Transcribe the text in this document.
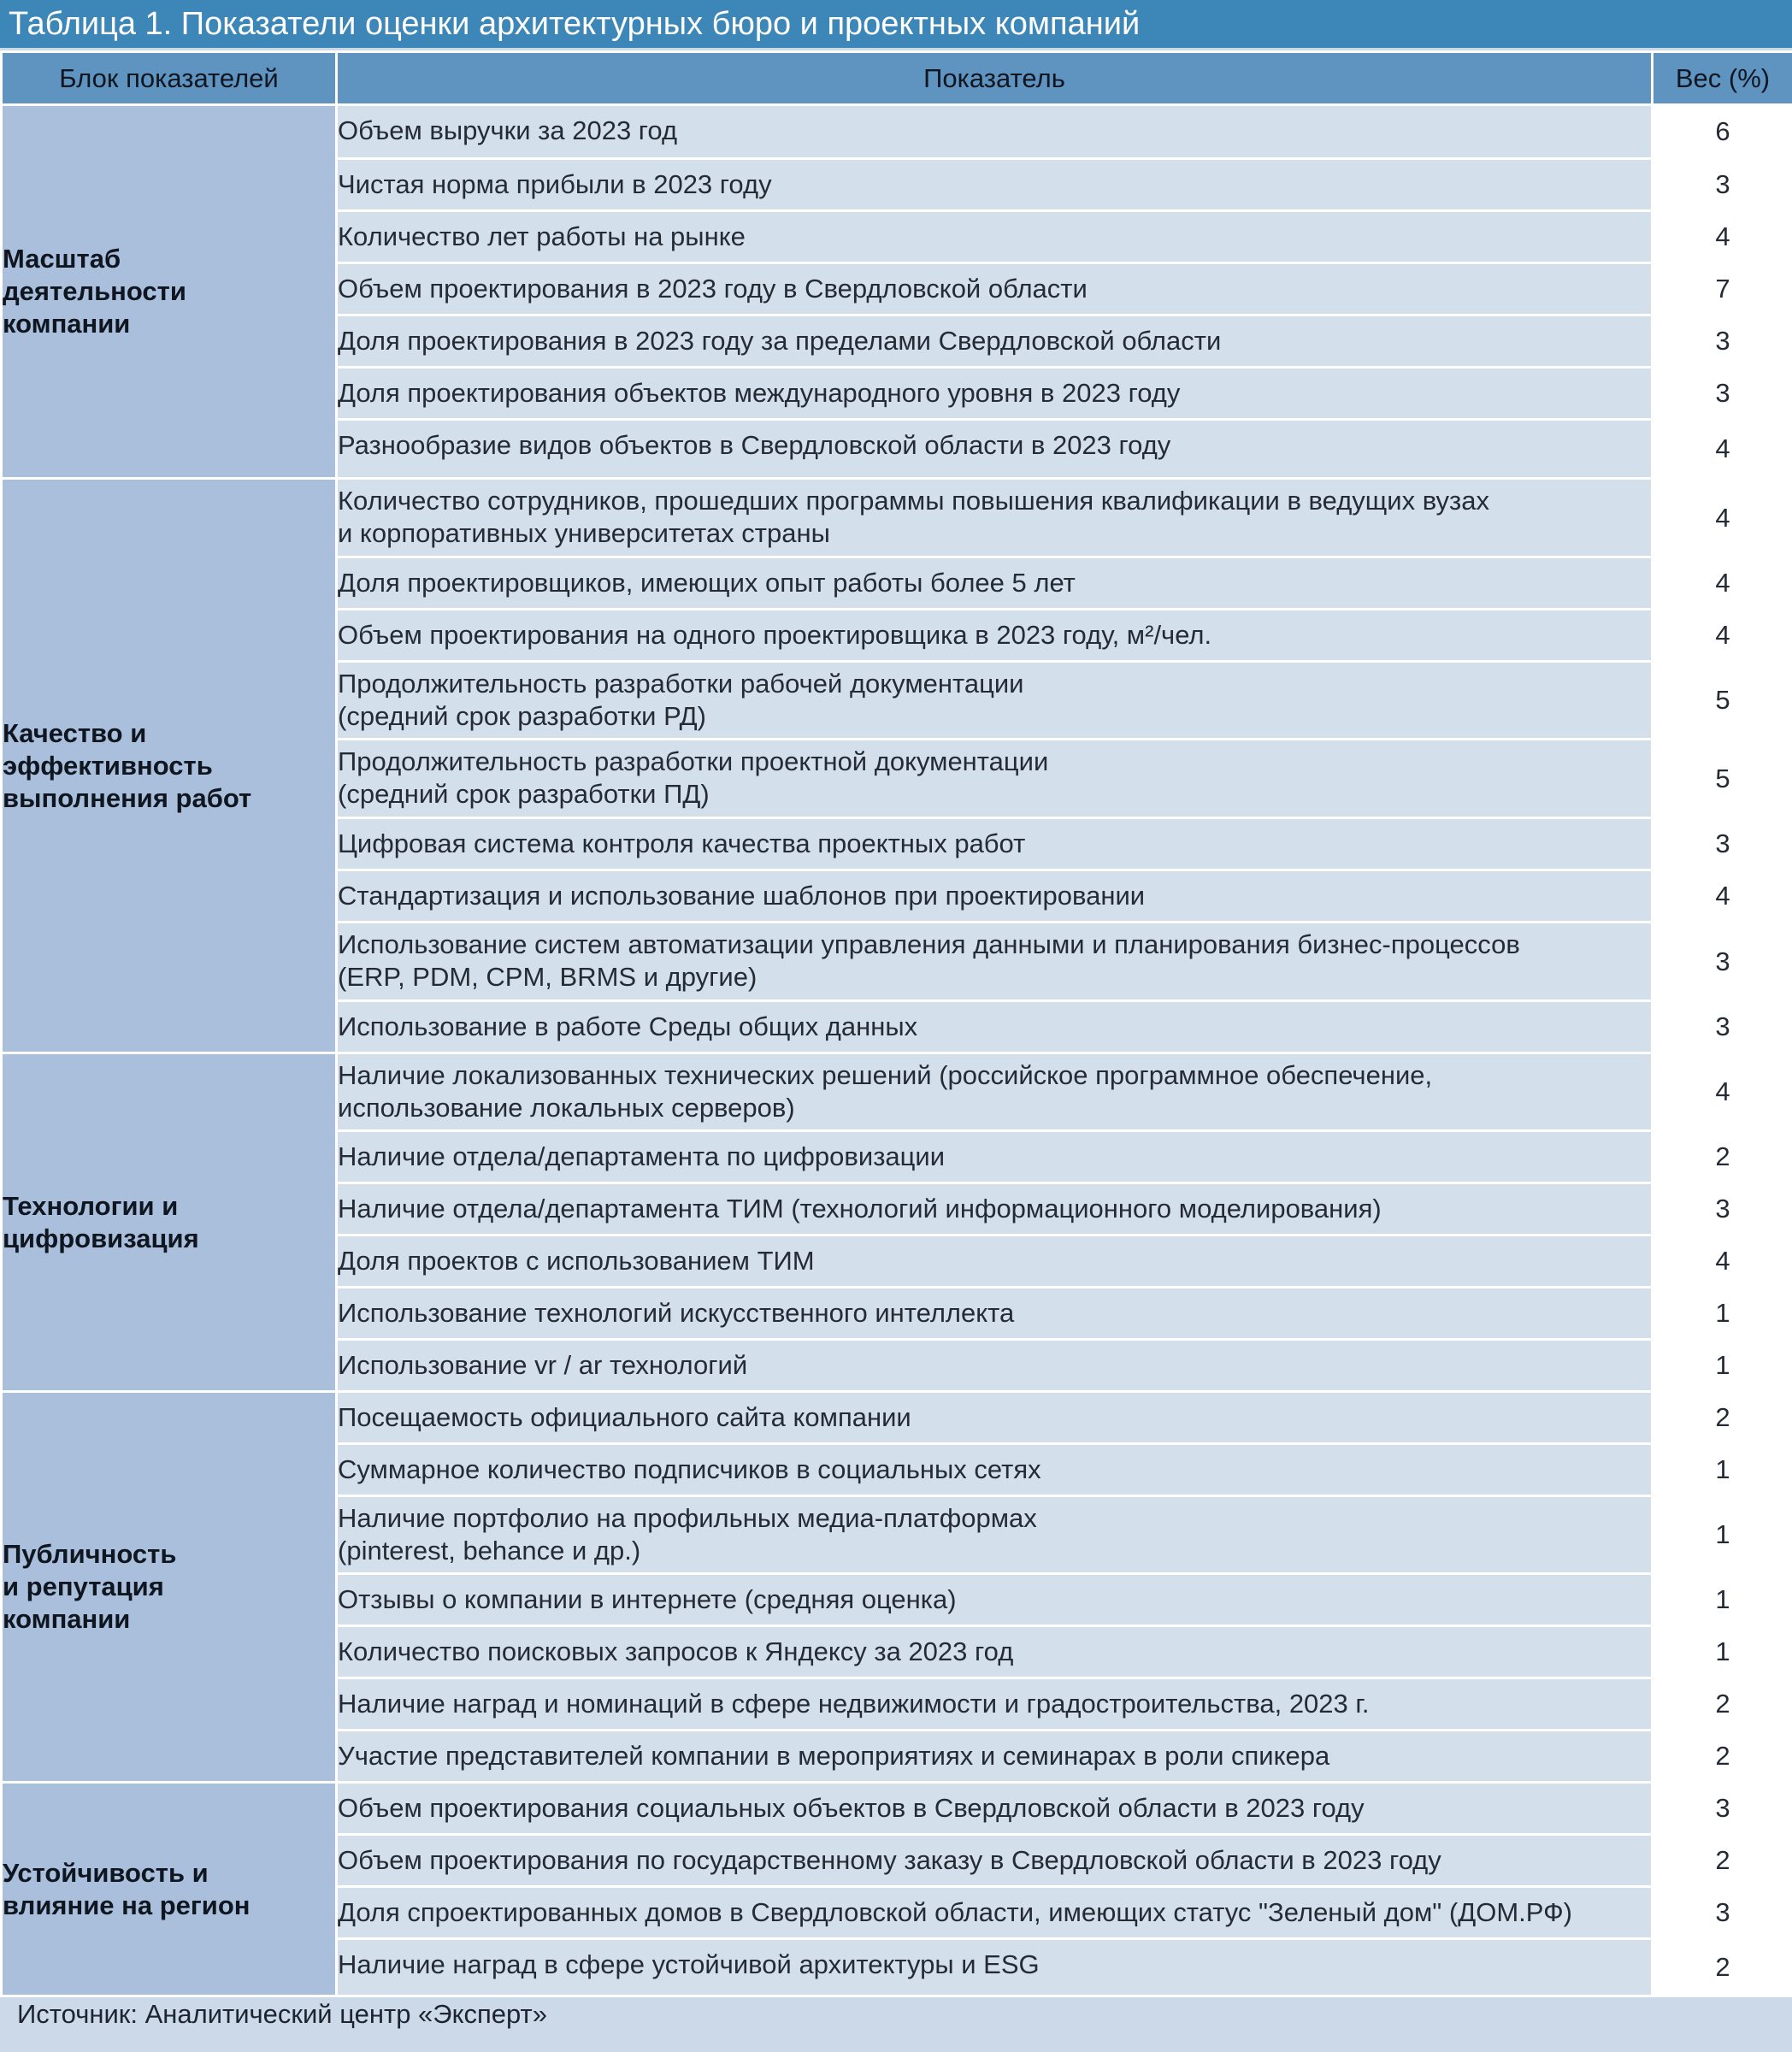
Таблица 1. Показатели оценки архитектурных бюро и проектных компаний
Блок показателей	Показатель	Вес (%)

Масштаб
деятельности
компании	Объем выручки за 2023 год	6

	Чистая норма прибыли в 2023 году	3

	Количество лет работы на рынке	4

	Объем проектирования в 2023 году в Свердловской области	7

	Доля проектирования в 2023 году за пределами Свердловской области	3

	Доля проектирования объектов международного уровня в 2023 году	3

	Разнообразие видов объектов в Свердловской области в 2023 году	4

Качество и
эффективность
выполнения работ	Количество сотрудников, прошедших программы повышения квалификации в ведущих вузах
и корпоративных университетах страны	4

	Доля проектировщиков, имеющих опыт работы более 5 лет	4

	Объем проектирования на одного проектировщика в 2023 году, м²/чел.	4

	Продолжительность разработки рабочей документации
(средний срок разработки РД)	5

	Продолжительность разработки проектной документации
(средний срок разработки ПД)	5

	Цифровая система контроля качества проектных работ	3

	Стандартизация и использование шаблонов при проектировании	4

	Использование систем автоматизации управления данными и планирования бизнес-процессов
(ERP, PDM, CPM, BRMS и другие)	3

	Использование в работе Среды общих данных	3

Технологии и
цифровизация	Наличие локализованных технических решений (российское программное обеспечение,
использование локальных серверов)	4

	Наличие отдела/департамента по цифровизации	2

	Наличие отдела/департамента ТИМ (технологий информационного моделирования)	3

	Доля проектов с использованием ТИМ	4

	Использование технологий искусственного интеллекта	1

	Использование vr / ar технологий	1

Публичность
и репутация
компании	Посещаемость официального сайта компании	2

	Суммарное количество подписчиков в социальных сетях	1

	Наличие портфолио на профильных медиа-платформах
(pinterest, behance и др.)	1

	Отзывы о компании в интернете (средняя оценка)	1

	Количество поисковых запросов к Яндексу за 2023 год	1

	Наличие наград и номинаций в сфере недвижимости и градостроительства, 2023 г.	2

	Участие представителей компании в мероприятиях и семинарах в роли спикера	2

Устойчивость и
влияние на регион	Объем проектирования социальных объектов в Свердловской области в 2023 году	3

	Объем проектирования по государственному заказу в Свердловской области в 2023 году	2

	Доля спроектированных домов в Свердловской области, имеющих статус "Зеленый дом" (ДОМ.РФ)	3

	Наличие наград в сфере устойчивой архитектуры и ESG	2
Источник: Аналитический центр «Эксперт»
